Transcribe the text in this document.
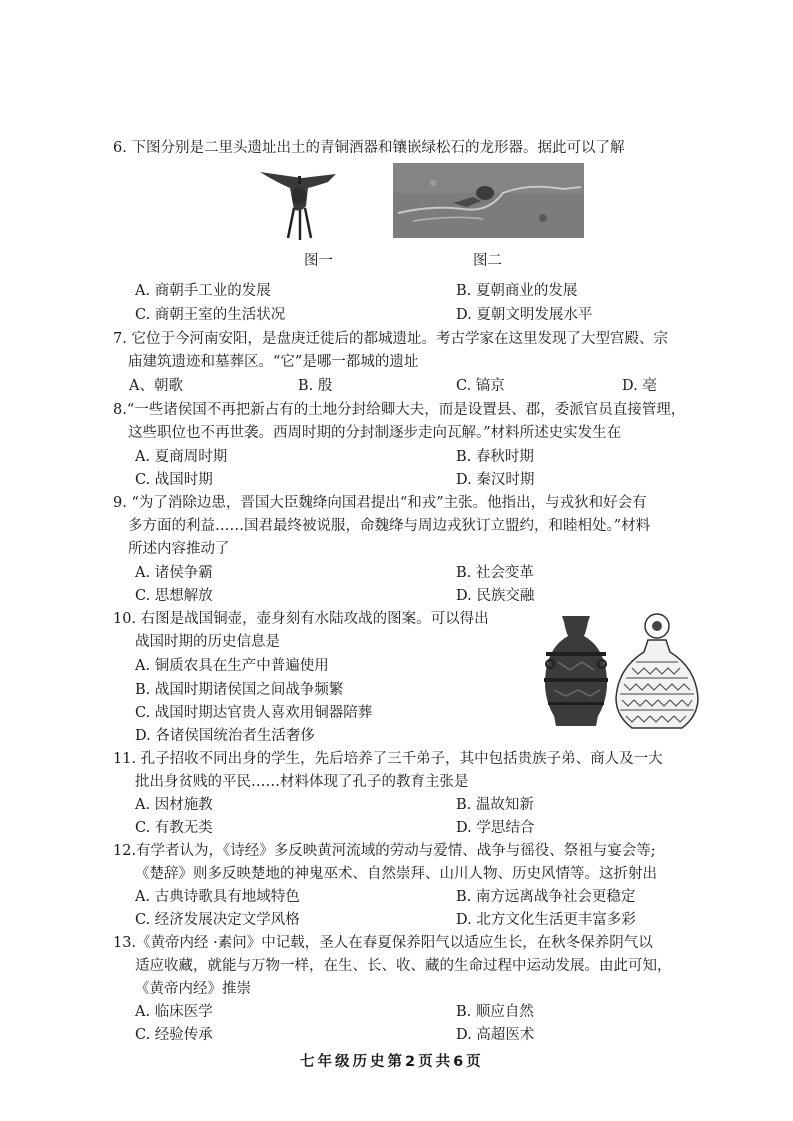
6. 下图分别是二里头遗址出土的青铜酒器和镶嵌绿松石的龙形器。据此可以了解
图一	图二
A. 商朝手工业的发展	B. 夏朝商业的发展
C. 商朝王室的生活状况	D. 夏朝文明发展水平
7. 它位于今河南安阳，是盘庚迁徙后的都城遗址。考古学家在这里发现了大型宫殿、宗
庙建筑遗迹和墓葬区。“它”是哪一都城的遗址
A、朝歌	B. 殷	C. 镐京	D. 亳
8.“一些诸侯国不再把新占有的土地分封给卿大夫，而是设置县、郡，委派官员直接管理，
这些职位也不再世袭。西周时期的分封制逐步走向瓦解。”材料所述史实发生在
A. 夏商周时期	B. 春秋时期
C. 战国时期	D. 秦汉时期
9. “为了消除边患，晋国大臣魏绛向国君提出“和戎”主张。他指出，与戎狄和好会有
多方面的利益……国君最终被说服，命魏绛与周边戎狄订立盟约，和睦相处。”材料
所述内容推动了
A. 诸侯争霸	B. 社会变革
C. 思想解放	D. 民族交融
10. 右图是战国铜壶，壶身刻有水陆攻战的图案。可以得出
战国时期的历史信息是
A. 铜质农具在生产中普遍使用
B. 战国时期诸侯国之间战争频繁
C. 战国时期达官贵人喜欢用铜器陪葬
D. 各诸侯国统治者生活奢侈
11. 孔子招收不同出身的学生，先后培养了三千弟子，其中包括贵族子弟、商人及一大
批出身贫贱的平民……材料体现了孔子的教育主张是
A. 因材施教	B. 温故知新
C. 有教无类	D. 学思结合
12.有学者认为，《诗经》多反映黄河流域的劳动与爱情、战争与徭役、祭祖与宴会等;
《楚辞》则多反映楚地的神鬼巫术、自然崇拜、山川人物、历史风情等。这折射出
A. 古典诗歌具有地域特色	B. 南方远离战争社会更稳定
C. 经济发展决定文学风格	D. 北方文化生活更丰富多彩
13.《黄帝内经 ·素问》中记载，圣人在春夏保养阳气以适应生长，在秋冬保养阴气以
适应收藏，就能与万物一样，在生、长、收、藏的生命过程中运动发展。由此可知，
《黄帝内经》推崇
A. 临床医学	B. 顺应自然
C. 经验传承	D. 高超医术
七年级历史第2页共6页
